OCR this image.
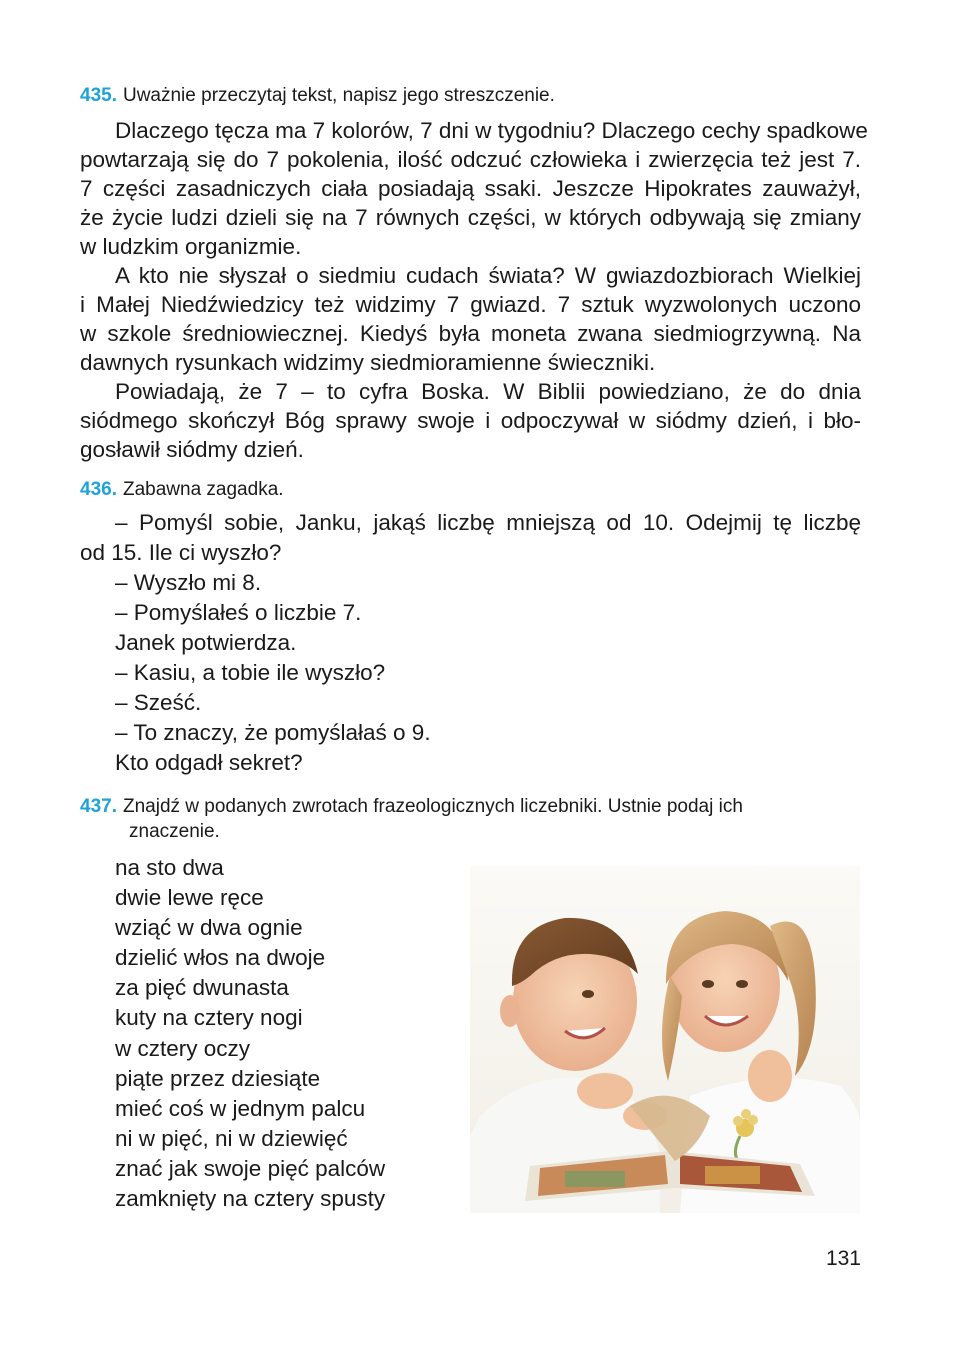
435. Uważnie przeczytaj tekst, napisz jego streszczenie.
Dlaczego tęcza ma 7 kolorów, 7 dni w tygodniu? Dlaczego cechy spadkowe
powtarzają się do 7 pokolenia, ilość odczuć człowieka i zwierzęcia też jest 7.
7 części zasadniczych ciała posiadają ssaki. Jeszcze Hipokrates zauważył,
że życie ludzi dzieli się na 7 równych części, w których odbywają się zmiany
w ludzkim organizmie.
A kto nie słyszał o siedmiu cudach świata? W gwiazdozbiorach Wielkiej
i Małej Niedźwiedzicy też widzimy 7 gwiazd. 7 sztuk wyzwolonych uczono
w szkole średniowiecznej. Kiedyś była moneta zwana siedmiogrzywną. Na
dawnych rysunkach widzimy siedmioramienne świeczniki.
Powiadają, że 7 – to cyfra Boska. W Biblii powiedziano, że do dnia
siódmego skończył Bóg sprawy swoje i odpoczywał w siódmy dzień, i bło-
gosławił siódmy dzień.
436. Zabawna zagadka.
– Pomyśl sobie, Janku, jakąś liczbę mniejszą od 10. Odejmij tę liczbę
od 15. Ile ci wyszło?
– Wyszło mi 8.
– Pomyślałeś o liczbie 7.
Janek potwierdza.
– Kasiu, a tobie ile wyszło?
– Sześć.
– To znaczy, że pomyślałaś o 9.
Kto odgadł sekret?
437. Znajdź w podanych zwrotach frazeologicznych liczebniki. Ustnie podaj ich
znaczenie.
na sto dwa
dwie lewe ręce
wziąć w dwa ognie
dzielić włos na dwoje
za pięć dwunasta
kuty na cztery nogi
w cztery oczy
piąte przez dziesiąte
mieć coś w jednym palcu
ni w pięć, ni w dziewięć
znać jak swoje pięć palców
zamknięty na cztery spusty
131
